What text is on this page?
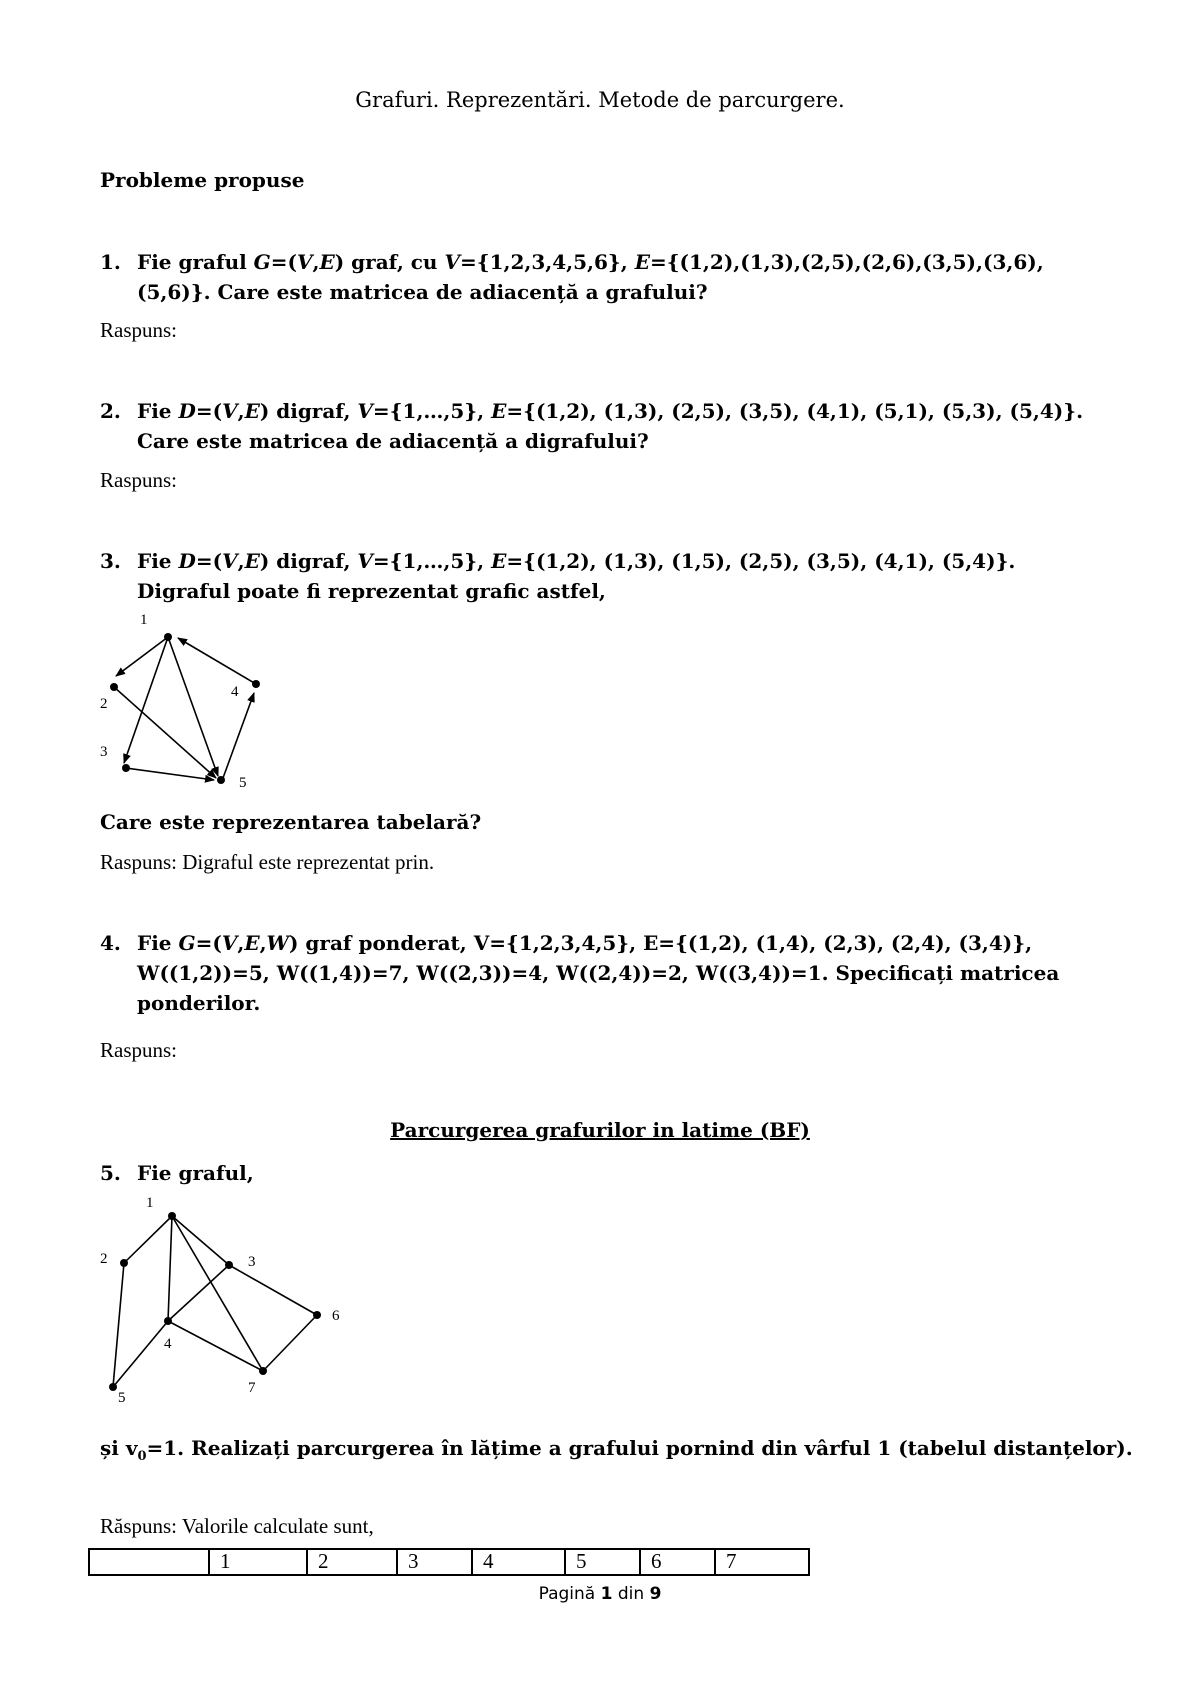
Grafuri. Reprezentări. Metode de parcurgere.
Probleme propuse
1. Fie graful G=(V,E) graf, cu V={1,2,3,4,5,6}, E={(1,2),(1,3),(2,5),(2,6),(3,5),(3,6),(5,6)}. Care este matricea de adiacență a grafului?
Raspuns:
2. Fie D=(V,E) digraf, V={1,…,5}, E={(1,2), (1,3), (2,5), (3,5), (4,1), (5,1), (5,3), (5,4)}. Care este matricea de adiacență a digrafului?
Raspuns:
3. Fie D=(V,E) digraf, V={1,…,5}, E={(1,2), (1,3), (1,5), (2,5), (3,5), (4,1), (5,4)}. Digraful poate fi reprezentat grafic astfel,
1
2
3
4
5
Care este reprezentarea tabelară?
Raspuns: Digraful este reprezentat prin.
4. Fie G=(V,E,W) graf ponderat, V={1,2,3,4,5}, E={(1,2), (1,4), (2,3), (2,4), (3,4)}, W((1,2))=5, W((1,4))=7, W((2,3))=4, W((2,4))=2, W((3,4))=1. Specificați matricea ponderilor.
Raspuns:
Parcurgerea grafurilor in latime (BF)
5. Fie graful,
1
2	3
4
5
6
7
și $v_0=1$. Realizați parcurgerea în lățime a grafului pornind din vârful 1 (tabelul distanțelor).
Răspuns: Valorile calculate sunt,
	1	2	3	4	5	6	7
Pagină 1 din 9
